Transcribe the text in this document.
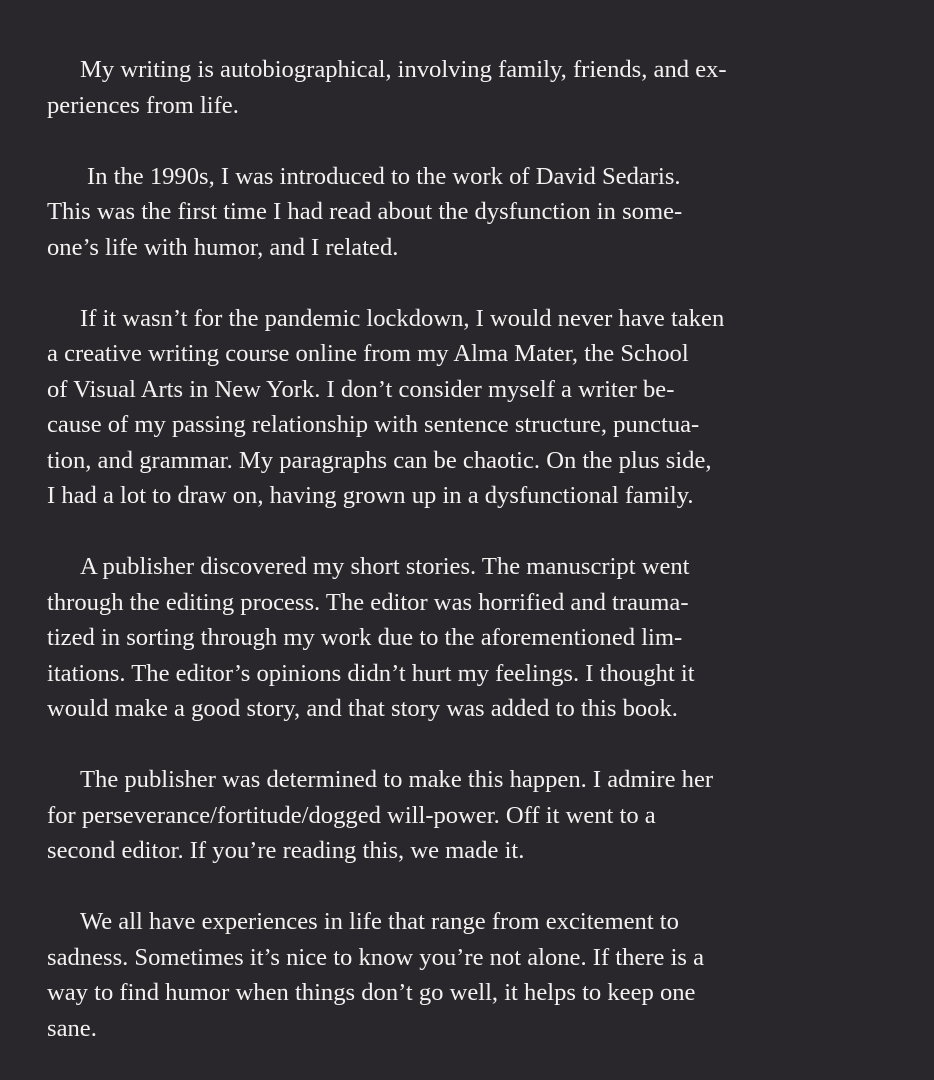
My writing is autobiographical, involving family, friends, and ex-
periences from life.

In the 1990s, I was introduced to the work of David Sedaris.
This was the first time I had read about the dysfunction in some-
one’s life with humor, and I related.

If it wasn’t for the pandemic lockdown, I would never have taken
a creative writing course online from my Alma Mater, the School
of Visual Arts in New York. I don’t consider myself a writer be-
cause of my passing relationship with sentence structure, punctua-
tion, and grammar. My paragraphs can be chaotic. On the plus side,
I had a lot to draw on, having grown up in a dysfunctional family.

A publisher discovered my short stories. The manuscript went
through the editing process. The editor was horrified and trauma-
tized in sorting through my work due to the aforementioned lim-
itations. The editor’s opinions didn’t hurt my feelings. I thought it
would make a good story, and that story was added to this book.

The publisher was determined to make this happen. I admire her
for perseverance/fortitude/dogged will-power. Off it went to a
second editor. If you’re reading this, we made it.

We all have experiences in life that range from excitement to
sadness. Sometimes it’s nice to know you’re not alone. If there is a
way to find humor when things don’t go well, it helps to keep one
sane.
